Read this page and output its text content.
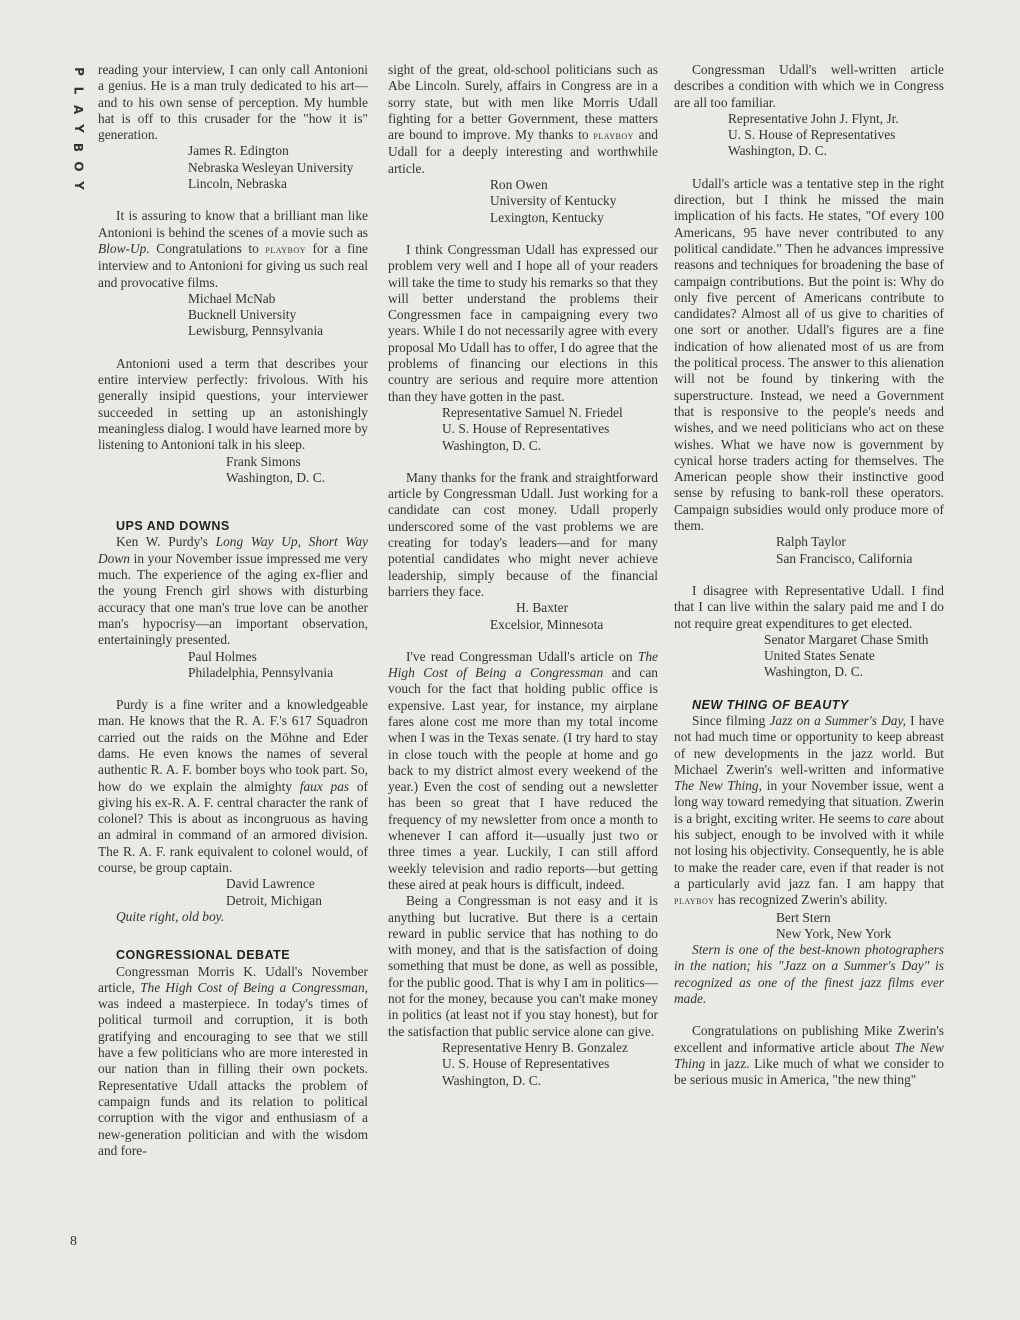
P
L
A
Y
B
O
Y
8

reading your interview, I can only call Antonioni a genius. He is a man truly dedicated to his art—and to his own sense of perception. My humble hat is off to this crusader for the "how it is" generation.

James R. Edington

Nebraska Wesleyan University

Lincoln, Nebraska

It is assuring to know that a brilliant man like Antonioni is behind the scenes of a movie such as Blow-Up. Congratulations to playboy for a fine interview and to Antonioni for giving us such real and provocative films.

Michael McNab

Bucknell University

Lewisburg, Pennsylvania

Antonioni used a term that describes your entire interview perfectly: frivolous. With his generally insipid questions, your interviewer succeeded in setting up an astonishingly meaningless dialog. I would have learned more by listening to Antonioni talk in his sleep.

Frank Simons

Washington, D. C.

UPS AND DOWNS

Ken W. Purdy's Long Way Up, Short Way Down in your November issue impressed me very much. The experience of the aging ex-flier and the young French girl shows with disturbing accuracy that one man's true love can be another man's hypocrisy—an important observation, entertainingly presented.

Paul Holmes

Philadelphia, Pennsylvania

Purdy is a fine writer and a knowledgeable man. He knows that the R. A. F.'s 617 Squadron carried out the raids on the Möhne and Eder dams. He even knows the names of several authentic R. A. F. bomber boys who took part. So, how do we explain the almighty faux pas of giving his ex-R. A. F. central character the rank of colonel? This is about as incongruous as having an admiral in command of an armored division. The R. A. F. rank equivalent to colonel would, of course, be group captain.

David Lawrence

Detroit, Michigan

Quite right, old boy.

CONGRESSIONAL DEBATE

Congressman Morris K. Udall's November article, The High Cost of Being a Congressman, was indeed a masterpiece. In today's times of political turmoil and corruption, it is both gratifying and encouraging to see that we still have a few politicians who are more interested in our nation than in filling their own pockets. Representative Udall attacks the problem of campaign funds and its relation to political corruption with the vigor and enthusiasm of a new-generation politician and with the wisdom and fore-

sight of the great, old-school politicians such as Abe Lincoln. Surely, affairs in Congress are in a sorry state, but with men like Morris Udall fighting for a better Government, these matters are bound to improve. My thanks to playboy and Udall for a deeply interesting and worthwhile article.

Ron Owen

University of Kentucky

Lexington, Kentucky

I think Congressman Udall has expressed our problem very well and I hope all of your readers will take the time to study his remarks so that they will better understand the problems their Congressmen face in campaigning every two years. While I do not necessarily agree with every proposal Mo Udall has to offer, I do agree that the problems of financing our elections in this country are serious and require more attention than they have gotten in the past.

Representative Samuel N. Friedel

U. S. House of Representatives

Washington, D. C.

Many thanks for the frank and straightforward article by Congressman Udall. Just working for a candidate can cost money. Udall properly underscored some of the vast problems we are creating for today's leaders—and for many potential candidates who might never achieve leadership, simply because of the financial barriers they face.

H. Baxter

Excelsior, Minnesota

I've read Congressman Udall's article on The High Cost of Being a Congressman and can vouch for the fact that holding public office is expensive. Last year, for instance, my airplane fares alone cost me more than my total income when I was in the Texas senate. (I try hard to stay in close touch with the people at home and go back to my district almost every weekend of the year.) Even the cost of sending out a newsletter has been so great that I have reduced the frequency of my newsletter from once a month to whenever I can afford it—usually just two or three times a year. Luckily, I can still afford weekly television and radio reports—but getting these aired at peak hours is difficult, indeed.

Being a Congressman is not easy and it is anything but lucrative. But there is a certain reward in public service that has nothing to do with money, and that is the satisfaction of doing something that must be done, as well as possible, for the public good. That is why I am in politics—not for the money, because you can't make money in politics (at least not if you stay honest), but for the satisfaction that public service alone can give.

Representative Henry B. Gonzalez

U. S. House of Representatives

Washington, D. C.

Congressman Udall's well-written article describes a condition with which we in Congress are all too familiar.

Representative John J. Flynt, Jr.

U. S. House of Representatives

Washington, D. C.

Udall's article was a tentative step in the right direction, but I think he missed the main implication of his facts. He states, "Of every 100 Americans, 95 have never contributed to any political candidate." Then he advances impressive reasons and techniques for broadening the base of campaign contributions. But the point is: Why do only five percent of Americans contribute to candidates? Almost all of us give to charities of one sort or another. Udall's figures are a fine indication of how alienated most of us are from the political process. The answer to this alienation will not be found by tinkering with the superstructure. Instead, we need a Government that is responsive to the people's needs and wishes, and we need politicians who act on these wishes. What we have now is government by cynical horse traders acting for themselves. The American people show their instinctive good sense by refusing to bank-roll these operators. Campaign subsidies would only produce more of them.

Ralph Taylor

San Francisco, California

I disagree with Representative Udall. I find that I can live within the salary paid me and I do not require great expenditures to get elected.

Senator Margaret Chase Smith

United States Senate

Washington, D. C.

NEW THING OF BEAUTY

Since filming Jazz on a Summer's Day, I have not had much time or opportunity to keep abreast of new developments in the jazz world. But Michael Zwerin's well-written and informative The New Thing, in your November issue, went a long way toward remedying that situation. Zwerin is a bright, exciting writer. He seems to care about his subject, enough to be involved with it while not losing his objectivity. Consequently, he is able to make the reader care, even if that reader is not a particularly avid jazz fan. I am happy that playboy has recognized Zwerin's ability.

Bert Stern

New York, New York

Stern is one of the best-known photographers in the nation; his "Jazz on a Summer's Day" is recognized as one of the finest jazz films ever made.

Congratulations on publishing Mike Zwerin's excellent and informative article about The New Thing in jazz. Like much of what we consider to be serious music in America, "the new thing"
